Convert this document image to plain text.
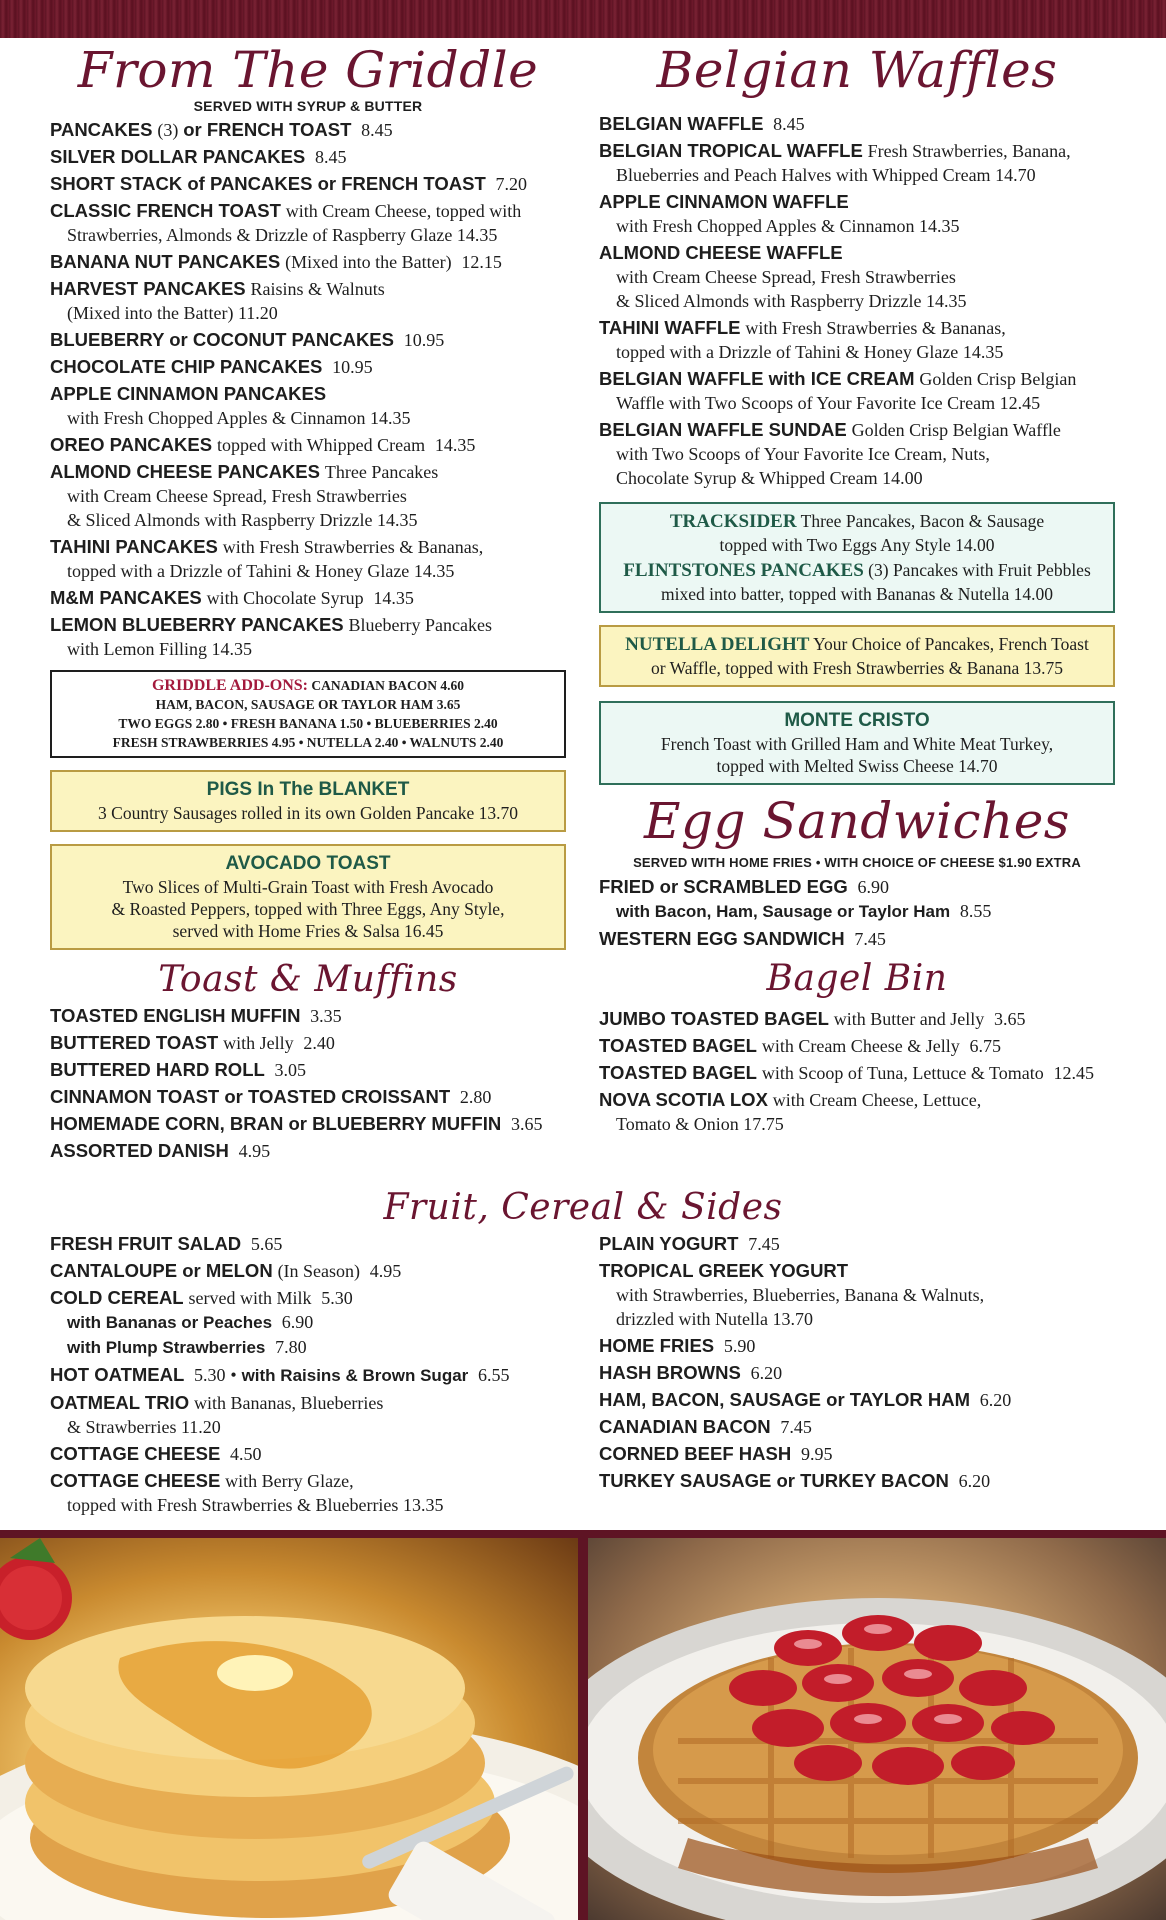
From The Griddle
SERVED WITH SYRUP & BUTTER
PANCAKES (3) or FRENCH TOAST 8.45
SILVER DOLLAR PANCAKES 8.45
SHORT STACK of PANCAKES or FRENCH TOAST 7.20
CLASSIC FRENCH TOAST with Cream Cheese, topped with
Strawberries, Almonds & Drizzle of Raspberry Glaze 14.35
BANANA NUT PANCAKES (Mixed into the Batter) 12.15
HARVEST PANCAKES Raisins & Walnuts
(Mixed into the Batter) 11.20
BLUEBERRY or COCONUT PANCAKES 10.95
CHOCOLATE CHIP PANCAKES 10.95
APPLE CINNAMON PANCAKES
with Fresh Chopped Apples & Cinnamon 14.35
OREO PANCAKES topped with Whipped Cream 14.35
ALMOND CHEESE PANCAKES Three Pancakes
with Cream Cheese Spread, Fresh Strawberries
& Sliced Almonds with Raspberry Drizzle 14.35
TAHINI PANCAKES with Fresh Strawberries & Bananas,
topped with a Drizzle of Tahini & Honey Glaze 14.35
M&M PANCAKES with Chocolate Syrup 14.35
LEMON BLUEBERRY PANCAKES Blueberry Pancakes
with Lemon Filling 14.35
GRIDDLE ADD-ONS: CANADIAN BACON 4.60
HAM, BACON, SAUSAGE OR TAYLOR HAM 3.65
TWO EGGS 2.80 • FRESH BANANA 1.50 • BLUEBERRIES 2.40
FRESH STRAWBERRIES 4.95 • NUTELLA 2.40 • WALNUTS 2.40
PIGS In The BLANKET
3 Country Sausages rolled in its own Golden Pancake 13.70
AVOCADO TOAST
Two Slices of Multi-Grain Toast with Fresh Avocado
& Roasted Peppers, topped with Three Eggs, Any Style,
served with Home Fries & Salsa 16.45
Toast & Muffins
TOASTED ENGLISH MUFFIN 3.35
BUTTERED TOAST with Jelly 2.40
BUTTERED HARD ROLL 3.05
CINNAMON TOAST or TOASTED CROISSANT 2.80
HOMEMADE CORN, BRAN or BLUEBERRY MUFFIN 3.65
ASSORTED DANISH 4.95
Belgian Waffles
BELGIAN WAFFLE 8.45
BELGIAN TROPICAL WAFFLE Fresh Strawberries, Banana,
Blueberries and Peach Halves with Whipped Cream 14.70
APPLE CINNAMON WAFFLE
with Fresh Chopped Apples & Cinnamon 14.35
ALMOND CHEESE WAFFLE
with Cream Cheese Spread, Fresh Strawberries
& Sliced Almonds with Raspberry Drizzle 14.35
TAHINI WAFFLE with Fresh Strawberries & Bananas,
topped with a Drizzle of Tahini & Honey Glaze 14.35
BELGIAN WAFFLE with ICE CREAM Golden Crisp Belgian
Waffle with Two Scoops of Your Favorite Ice Cream 12.45
BELGIAN WAFFLE SUNDAE Golden Crisp Belgian Waffle
with Two Scoops of Your Favorite Ice Cream, Nuts,
Chocolate Syrup & Whipped Cream 14.00
TRACKSIDER Three Pancakes, Bacon & Sausage
topped with Two Eggs Any Style 14.00
FLINTSTONES PANCAKES (3) Pancakes with Fruit Pebbles
mixed into batter, topped with Bananas & Nutella 14.00
NUTELLA DELIGHT Your Choice of Pancakes, French Toast
or Waffle, topped with Fresh Strawberries & Banana 13.75
MONTE CRISTO
French Toast with Grilled Ham and White Meat Turkey,
topped with Melted Swiss Cheese 14.70
Egg Sandwiches
SERVED WITH HOME FRIES • WITH CHOICE OF CHEESE $1.90 EXTRA
FRIED or SCRAMBLED EGG 6.90
with Bacon, Ham, Sausage or Taylor Ham 8.55
WESTERN EGG SANDWICH 7.45
Bagel Bin
JUMBO TOASTED BAGEL with Butter and Jelly 3.65
TOASTED BAGEL with Cream Cheese & Jelly 6.75
TOASTED BAGEL with Scoop of Tuna, Lettuce & Tomato 12.45
NOVA SCOTIA LOX with Cream Cheese, Lettuce,
Tomato & Onion 17.75
Fruit, Cereal & Sides
FRESH FRUIT SALAD 5.65
CANTALOUPE or MELON (In Season) 4.95
COLD CEREAL served with Milk 5.30
with Bananas or Peaches 6.90
with Plump Strawberries 7.80
HOT OATMEAL 5.30 • with Raisins & Brown Sugar 6.55
OATMEAL TRIO with Bananas, Blueberries
& Strawberries 11.20
COTTAGE CHEESE 4.50
COTTAGE CHEESE with Berry Glaze,
topped with Fresh Strawberries & Blueberries 13.35
PLAIN YOGURT 7.45
TROPICAL GREEK YOGURT
with Strawberries, Blueberries, Banana & Walnuts,
drizzled with Nutella 13.70
HOME FRIES 5.90
HASH BROWNS 6.20
HAM, BACON, SAUSAGE or TAYLOR HAM 6.20
CANADIAN BACON 7.45
CORNED BEEF HASH 9.95
TURKEY SAUSAGE or TURKEY BACON 6.20
